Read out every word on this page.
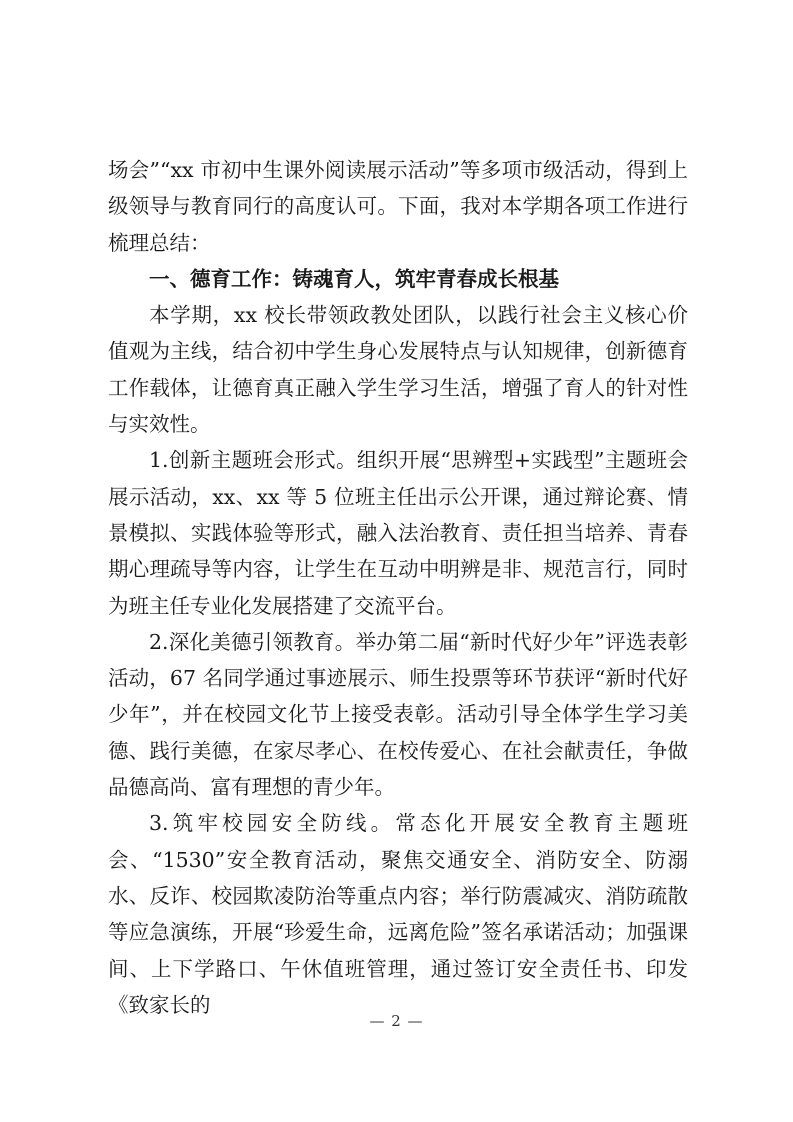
场会”“xx 市初中生课外阅读展示活动”等多项市级活动，得到上级领导与教育同行的高度认可。下面，我对本学期各项工作进行梳理总结：

一、德育工作：铸魂育人，筑牢青春成长根基

本学期，xx 校长带领政教处团队，以践行社会主义核心价值观为主线，结合初中学生身心发展特点与认知规律，创新德育工作载体，让德育真正融入学生学习生活，增强了育人的针对性与实效性。

1.创新主题班会形式。组织开展“思辨型+实践型”主题班会展示活动，xx、xx 等 5 位班主任出示公开课，通过辩论赛、情景模拟、实践体验等形式，融入法治教育、责任担当培养、青春期心理疏导等内容，让学生在互动中明辨是非、规范言行，同时为班主任专业化发展搭建了交流平台。

2.深化美德引领教育。举办第二届“新时代好少年”评选表彰活动，67 名同学通过事迹展示、师生投票等环节获评“新时代好少年”，并在校园文化节上接受表彰。活动引导全体学生学习美德、践行美德，在家尽孝心、在校传爱心、在社会献责任，争做品德高尚、富有理想的青少年。

3.筑牢校园安全防线。常态化开展安全教育主题班会、“1530”安全教育活动，聚焦交通安全、消防安全、防溺水、反诈、校园欺凌防治等重点内容；举行防震减灾、消防疏散等应急演练，开展“珍爱生命，远离危险”签名承诺活动；加强课间、上下学路口、午休值班管理，通过签订安全责任书、印发《致家长的

— 2 —
